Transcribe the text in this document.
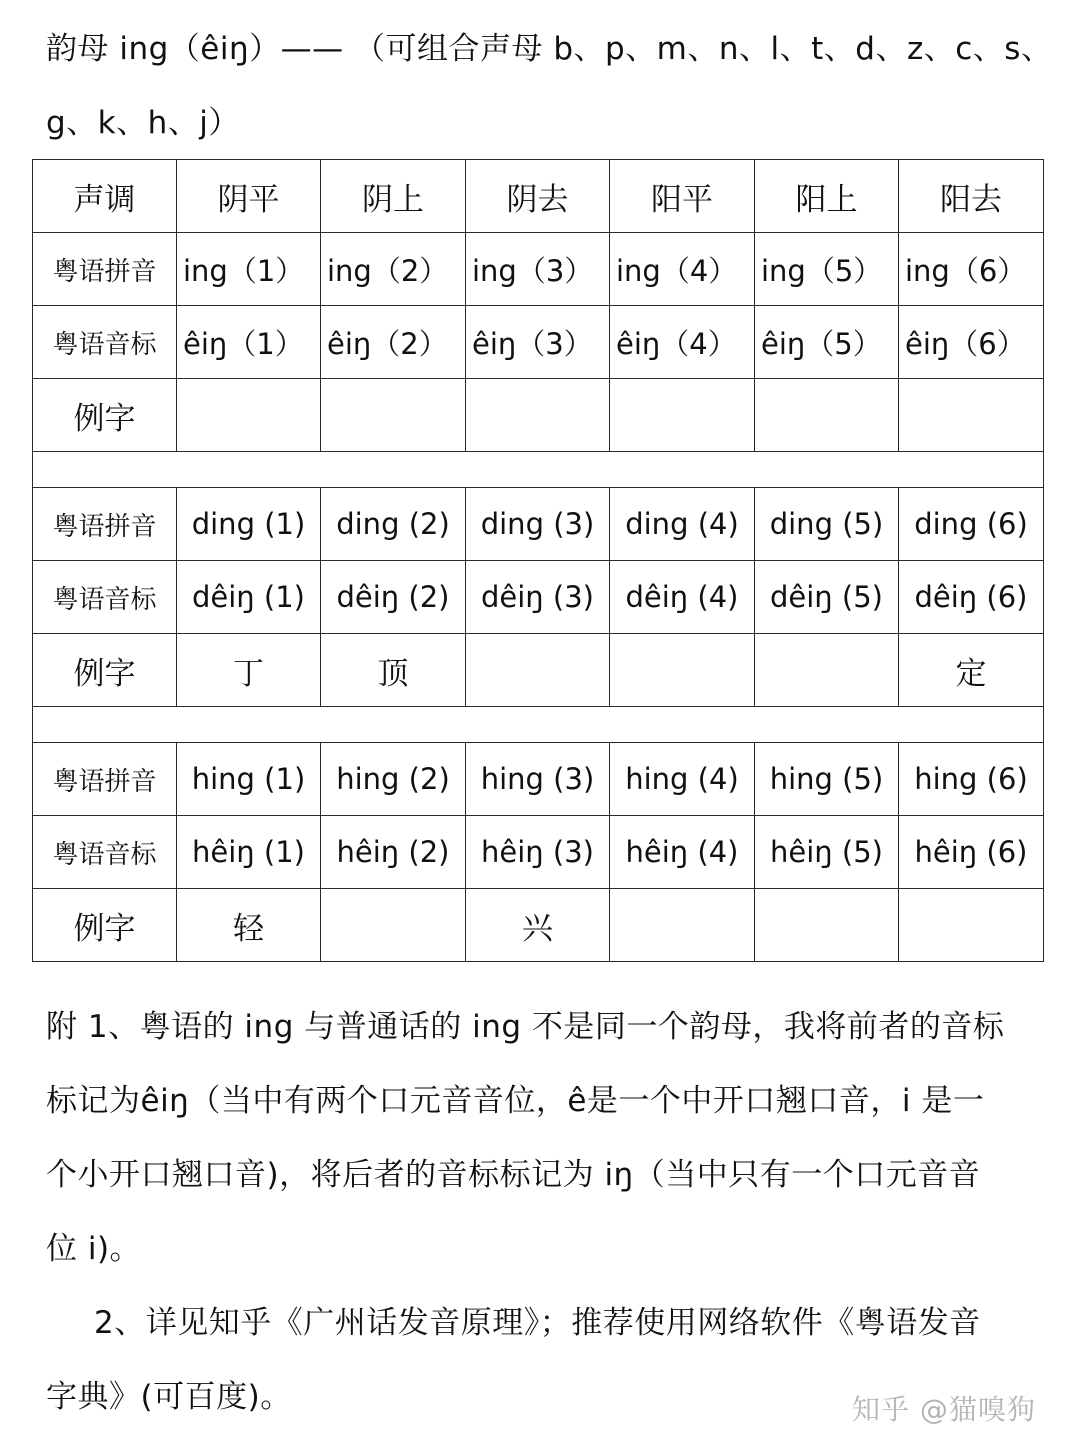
韵母 ing（êiŋ）—— （可组合声母 b、p、m、n、l、t、d、z、c、s、
g、k、h、j）
声调	阴平	阴上	阴去	阳平	阳上	阳去
粤语拼音	ing（1）	ing（2）	ing（3）	ing（4）	ing（5）	ing（6）
粤语音标	êiŋ（1）	êiŋ（2）	êiŋ（3）	êiŋ（4）	êiŋ（5）	êiŋ（6）
例字						

粤语拼音	ding (1)	ding (2)	ding (3)	ding (4)	ding (5)	ding (6)
粤语音标	dêiŋ (1)	dêiŋ (2)	dêiŋ (3)	dêiŋ (4)	dêiŋ (5)	dêiŋ (6)
例字	丁	顶				定

粤语拼音	hing (1)	hing (2)	hing (3)	hing (4)	hing (5)	hing (6)
粤语音标	hêiŋ (1)	hêiŋ (2)	hêiŋ (3)	hêiŋ (4)	hêiŋ (5)	hêiŋ (6)
例字	轻		兴			
附 1、粤语的 ing 与普通话的 ing 不是同一个韵母，我将前者的音标
标记为êiŋ（当中有两个口元音音位，ê是一个中开口翘口音，i 是一
个小开口翘口音)，将后者的音标标记为 iŋ（当中只有一个口元音音
位 i)。
2、详见知乎《广州话发音原理》；推荐使用网络软件《粤语发音
字典》(可百度)。	知乎 @猫嗅狗
